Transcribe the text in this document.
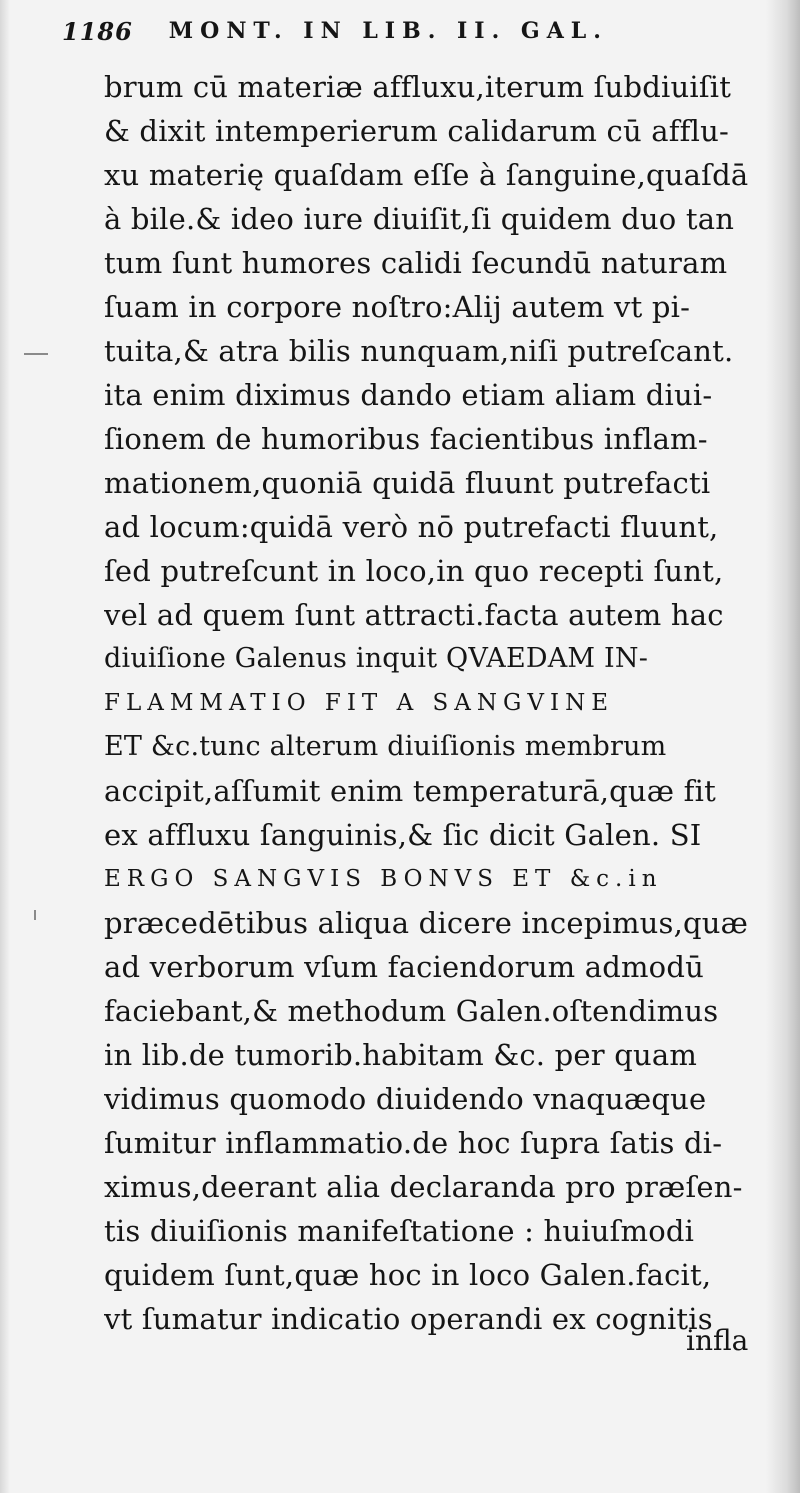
1186 MONT. IN LIB. II. GAL.
brum cū materiæ affluxu,iterum ſubdiuiſit
& dixit intemperierum calidarum cū afflu-
xu materię quaſdam eſſe à ſanguine,quaſdā
à bile.& ideo iure diuiſit,ſi quidem duo tan
tum ſunt humores calidi ſecundū naturam
ſuam in corpore noſtro:Alij autem vt pi-
tuita,& atra bilis nunquam,niſi putreſcant.
ita enim diximus dando etiam aliam diui-
ſionem de humoribus facientibus inflam-
mationem,quoniā quidā fluunt putrefacti
ad locum:quidā verò nō putrefacti fluunt,
ſed putreſcunt in loco,in quo recepti ſunt,
vel ad quem ſunt attracti.facta autem hac
diuiſione Galenus inquit QVAEDAM IN-
FLAMMATIO FIT A SANGVINE
ET &c.tunc alterum diuiſionis membrum
accipit,aſſumit enim temperaturā,quæ fit
ex affluxu ſanguinis,& ſic dicit Galen. SI
ERGO SANGVIS BONVS ET &c.in
præcedētibus aliqua dicere incepimus,quæ
ad verborum vſum faciendorum admodū
faciebant,& methodum Galen.oſtendimus
in lib.de tumorib.habitam &c. per quam
vidimus quomodo diuidendo vnaquæque
ſumitur inflammatio.de hoc ſupra ſatis di-
ximus,deerant alia declaranda pro præſen-
tis diuiſionis manifeſtatione : huiuſmodi
quidem ſunt,quæ hoc in loco Galen.facit,
vt ſumatur indicatio operandi ex cognitis
infla
